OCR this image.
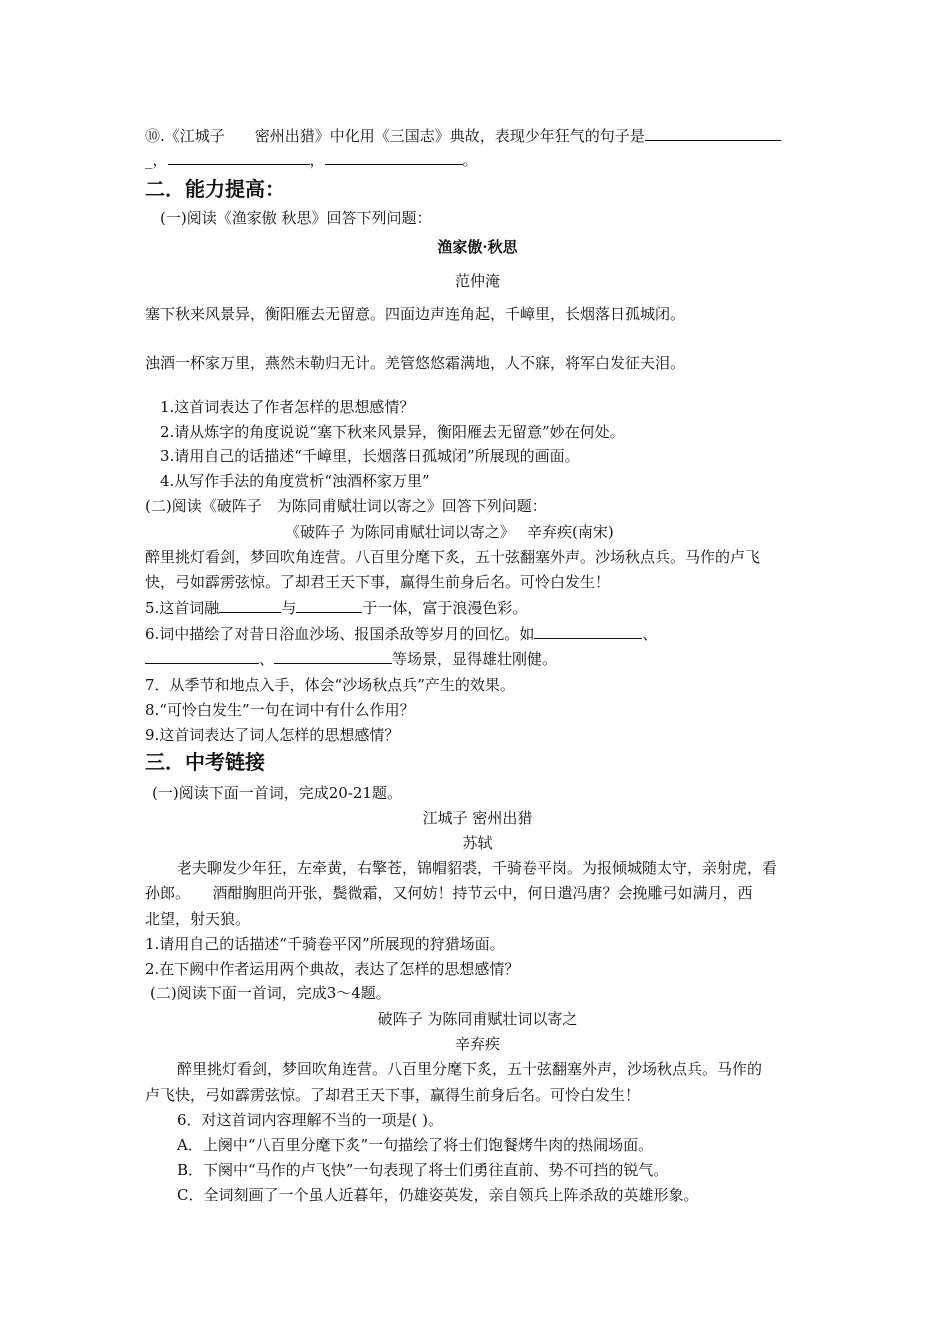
⑩.《江城子　　密州出猎》中化用《三国志》典故，表现少年狂气的句子是
_，	，	。
二．能力提高：
(一)阅读《渔家傲 秋思》回答下列问题：
渔家傲·秋思
范仲淹
塞下秋来风景异，衡阳雁去无留意。四面边声连角起，千嶂里，长烟落日孤城闭。
浊酒一杯家万里，燕然未勒归无计。羌管悠悠霜满地，人不寐，将军白发征夫泪。
1.这首词表达了作者怎样的思想感情？
2.请从炼字的角度说说“塞下秋来风景异，衡阳雁去无留意”妙在何处。
3.请用自己的话描述“千嶂里，长烟落日孤城闭”所展现的画面。
4.从写作手法的角度赏析“浊酒杯家万里”
(二)阅读《破阵子　为陈同甫赋壮词以寄之》回答下列问题：
《破阵子 为陈同甫赋壮词以寄之》　 辛弃疾(南宋)
醉里挑灯看剑，梦回吹角连营。八百里分麾下炙，五十弦翻塞外声。沙场秋点兵。马作的卢飞
快，弓如霹雳弦惊。了却君王天下事，赢得生前身后名。可怜白发生！
5.这首词融	与	于一体，富于浪漫色彩。
6.词中描绘了对昔日浴血沙场、报国杀敌等岁月的回忆。如	、
、	等场景，显得雄壮刚健。
7．从季节和地点入手，体会“沙场秋点兵”产生的效果。
8.“可怜白发生”一句在词中有什么作用？
9.这首词表达了词人怎样的思想感情？
三．中考链接
(一)阅读下面一首词，完成20-21题。
江城子 密州出猎
苏轼
老夫聊发少年狂，左牵黄，右擎苍，锦帽貂裘，千骑卷平岗。为报倾城随太守，亲射虎，看
孙郎。　　酒酣胸胆尚开张，鬓微霜，又何妨！持节云中，何日遣冯唐？会挽雕弓如满月，西
北望，射天狼。
1.请用自己的话描述“千骑卷平冈”所展现的狩猎场面。
2.在下阙中作者运用两个典故，表达了怎样的思想感情？
(二)阅读下面一首词，完成3～4题。
破阵子 为陈同甫赋壮词以寄之
辛弃疾
醉里挑灯看剑，梦回吹角连营。八百里分麾下炙，五十弦翻塞外声，沙场秋点兵。马作的
卢飞快，弓如霹雳弦惊。了却君王天下事，赢得生前身后名。可怜白发生！
6．对这首词内容理解不当的一项是( )。
A．上阕中“八百里分麾下炙”一句描绘了将士们饱餐烤牛肉的热闹场面。
B．下阕中“马作的卢飞快”一句表现了将士们勇往直前、势不可挡的锐气。
C．全词刻画了一个虽人近暮年，仍雄姿英发，亲自领兵上阵杀敌的英雄形象。
